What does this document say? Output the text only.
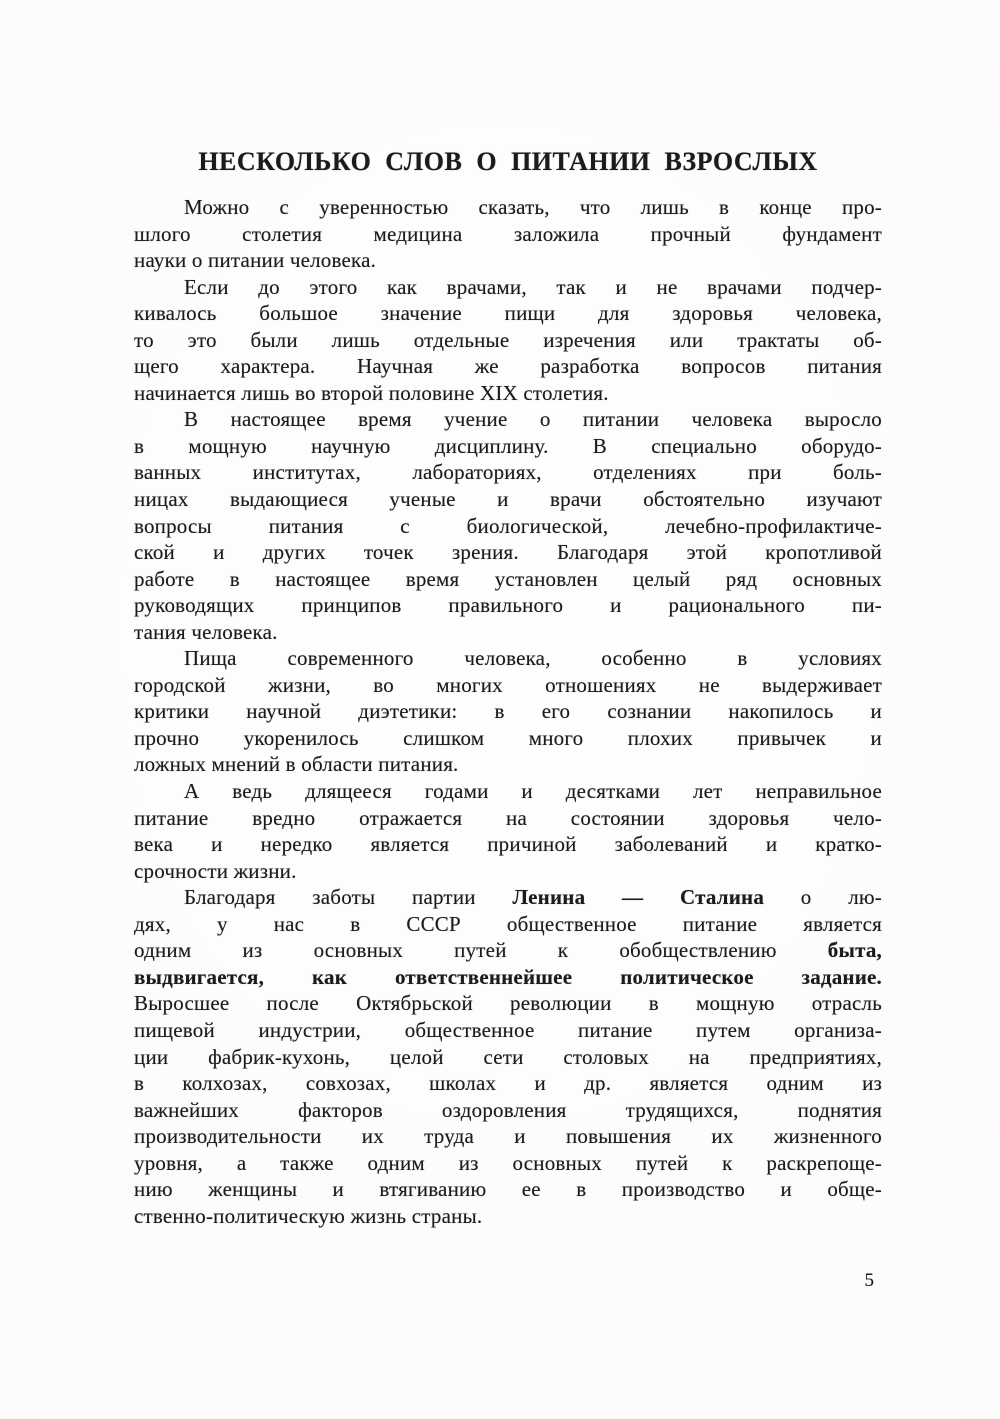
НЕСКОЛЬКО СЛОВ О ПИТАНИИ ВЗРОСЛЫХ
Можно с уверенностью сказать, что лишь в конце про-
шлого столетия медицина заложила прочный фундамент
науки о питании человека.
Если до этого как врачами, так и не врачами подчер-
кивалось большое значение пищи для здоровья человека,
то это были лишь отдельные изречения или трактаты об-
щего характера. Научная же разработка вопросов питания
начинается лишь во второй половине XIX столетия.
В настоящее время учение о питании человека выросло
в мощную научную дисциплину. В специально оборудо-
ванных институтах, лабораториях, отделениях при боль-
ницах выдающиеся ученые и врачи обстоятельно изучают
вопросы питания с биологической, лечебно-профилактиче-
ской и других точек зрения. Благодаря этой кропотливой
работе в настоящее время установлен целый ряд основных
руководящих принципов правильного и рационального пи-
тания человека.
Пища современного человека, особенно в условиях
городской жизни, во многих отношениях не выдерживает
критики научной диэтетики: в его сознании накопилось и
прочно укоренилось слишком много плохих привычек и
ложных мнений в области питания.
А ведь длящееся годами и десятками лет неправильное
питание вредно отражается на состоянии здоровья чело-
века и нередко является причиной заболеваний и кратко-
срочности жизни.
Благодаря заботы партии Ленина — Сталина о лю-
дях, у нас в СССР общественное питание является
одним из основных путей к обобществлению быта,
выдвигается, как ответственнейшее политическое задание.
Выросшее после Октябрьской революции в мощную отрасль
пищевой индустрии, общественное питание путем организа-
ции фабрик-кухонь, целой сети столовых на предприятиях,
в колхозах, совхозах, школах и др. является одним из
важнейших факторов оздоровления трудящихся, поднятия
производительности их труда и повышения их жизненного
уровня, а также одним из основных путей к раскрепоще-
нию женщины и втягиванию ее в производство и обще-
ственно-политическую жизнь страны.
5
